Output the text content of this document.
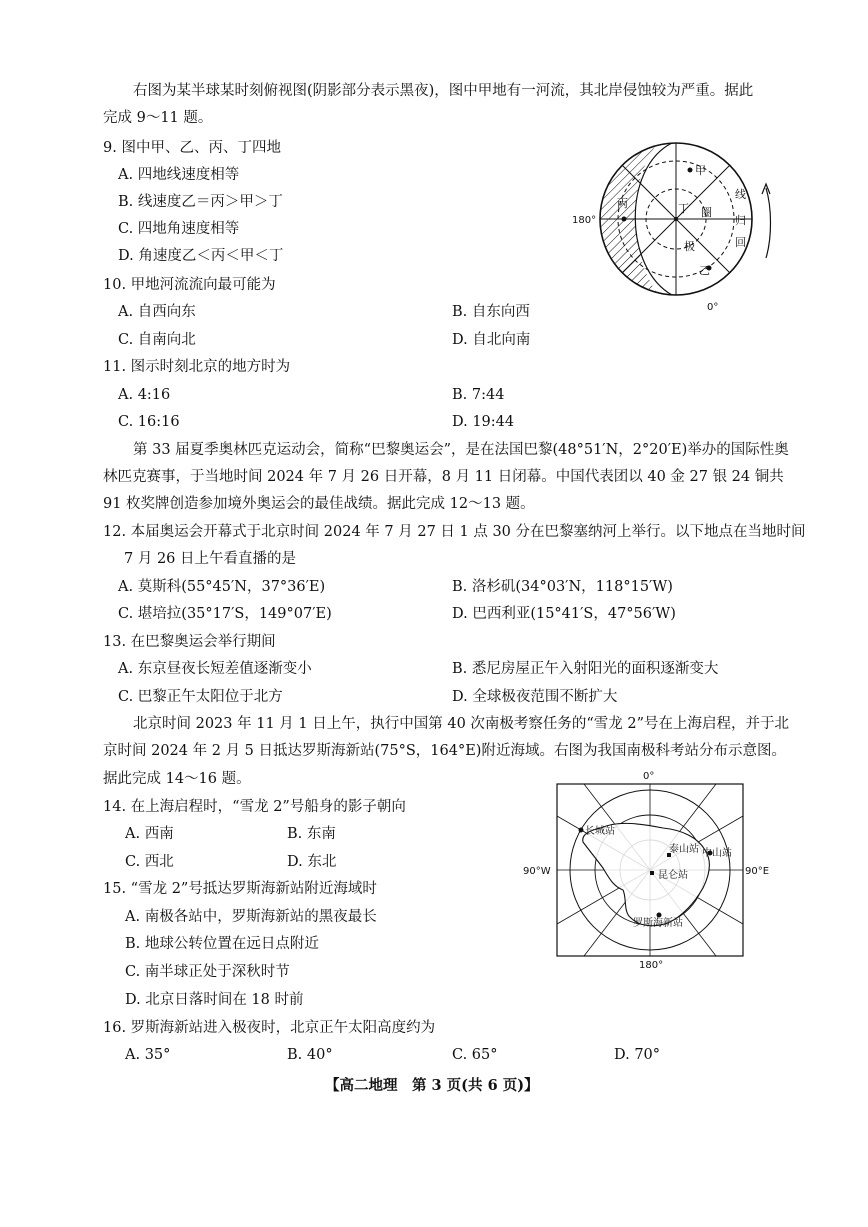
右图为某半球某时刻俯视图(阴影部分表示黑夜)，图中甲地有一河流，其北岸侵蚀较为严重。据此
完成 9～11 题。
9. 图中甲、乙、丙、丁四地
A. 四地线速度相等
B. 线速度乙＝丙＞甲＞丁
C. 四地角速度相等
D. 角速度乙＜丙＜甲＜丁
10. 甲地河流流向最可能为
A. 自西向东	B. 自东向西
C. 自南向北	D. 自北向南
11. 图示时刻北京的地方时为
A. 4:16	B. 7:44
C. 16:16	D. 19:44
第 33 届夏季奥林匹克运动会，简称“巴黎奥运会”，是在法国巴黎(48°51′N，2°20′E)举办的国际性奥
林匹克赛事，于当地时间 2024 年 7 月 26 日开幕，8 月 11 日闭幕。中国代表团以 40 金 27 银 24 铜共
91 枚奖牌创造参加境外奥运会的最佳战绩。据此完成 12～13 题。
12. 本届奥运会开幕式于北京时间 2024 年 7 月 27 日 1 点 30 分在巴黎塞纳河上举行。以下地点在当地时间
7 月 26 日上午看直播的是
A. 莫斯科(55°45′N，37°36′E)	B. 洛杉矶(34°03′N，118°15′W)
C. 堪培拉(35°17′S，149°07′E)	D. 巴西利亚(15°41′S，47°56′W)
13. 在巴黎奥运会举行期间
A. 东京昼夜长短差值逐渐变小	B. 悉尼房屋正午入射阳光的面积逐渐变大
C. 巴黎正午太阳位于北方	D. 全球极夜范围不断扩大
北京时间 2023 年 11 月 1 日上午，执行中国第 40 次南极考察任务的“雪龙 2”号在上海启程，并于北
京时间 2024 年 2 月 5 日抵达罗斯海新站(75°S，164°E)附近海域。右图为我国南极科考站分布示意图。
据此完成 14～16 题。
14. 在上海启程时，“雪龙 2”号船身的影子朝向
A. 西南	B. 东南
C. 西北	D. 东北
15. “雪龙 2”号抵达罗斯海新站附近海域时
A. 南极各站中，罗斯海新站的黑夜最长
B. 地球公转位置在远日点附近
C. 南半球正处于深秋时节
D. 北京日落时间在 18 时前
16. 罗斯海新站进入极夜时，北京正午太阳高度约为
A. 35°	B. 40°	C. 65°	D. 70°
【高二地理　第 3 页(共 6 页)】
180°
0°
甲
乙
丙	丁 圈
极
线
归
回
0°
180°
90°W	90°E
长城站
泰山站 中山站
昆仑站
罗斯海新站
